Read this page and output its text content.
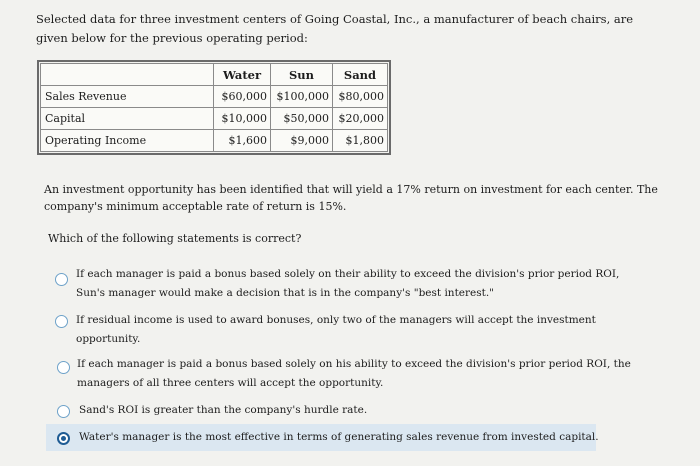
Selected data for three investment centers of Going Coastal, Inc., a manufacturer of beach chairs, are given below for the previous operating period:
	Water	Sun	Sand
Sales Revenue	$60,000	$100,000	$80,000
Capital	$10,000	$50,000	$20,000
Operating Income	$1,600	$9,000	$1,800
An investment opportunity has been identified that will yield a 17% return on investment for each center. The company's minimum acceptable rate of return is 15%.
Which of the following statements is correct?
If each manager is paid a bonus based solely on their ability to exceed the division's prior period ROI,
Sun's manager would make a decision that is in the company's "best interest."
If residual income is used to award bonuses, only two of the managers will accept the investment
opportunity.
If each manager is paid a bonus based solely on his ability to exceed the division's prior period ROI, the
managers of all three centers will accept the opportunity.
Sand's ROI is greater than the company's hurdle rate.
Water's manager is the most effective in terms of generating sales revenue from invested capital.
